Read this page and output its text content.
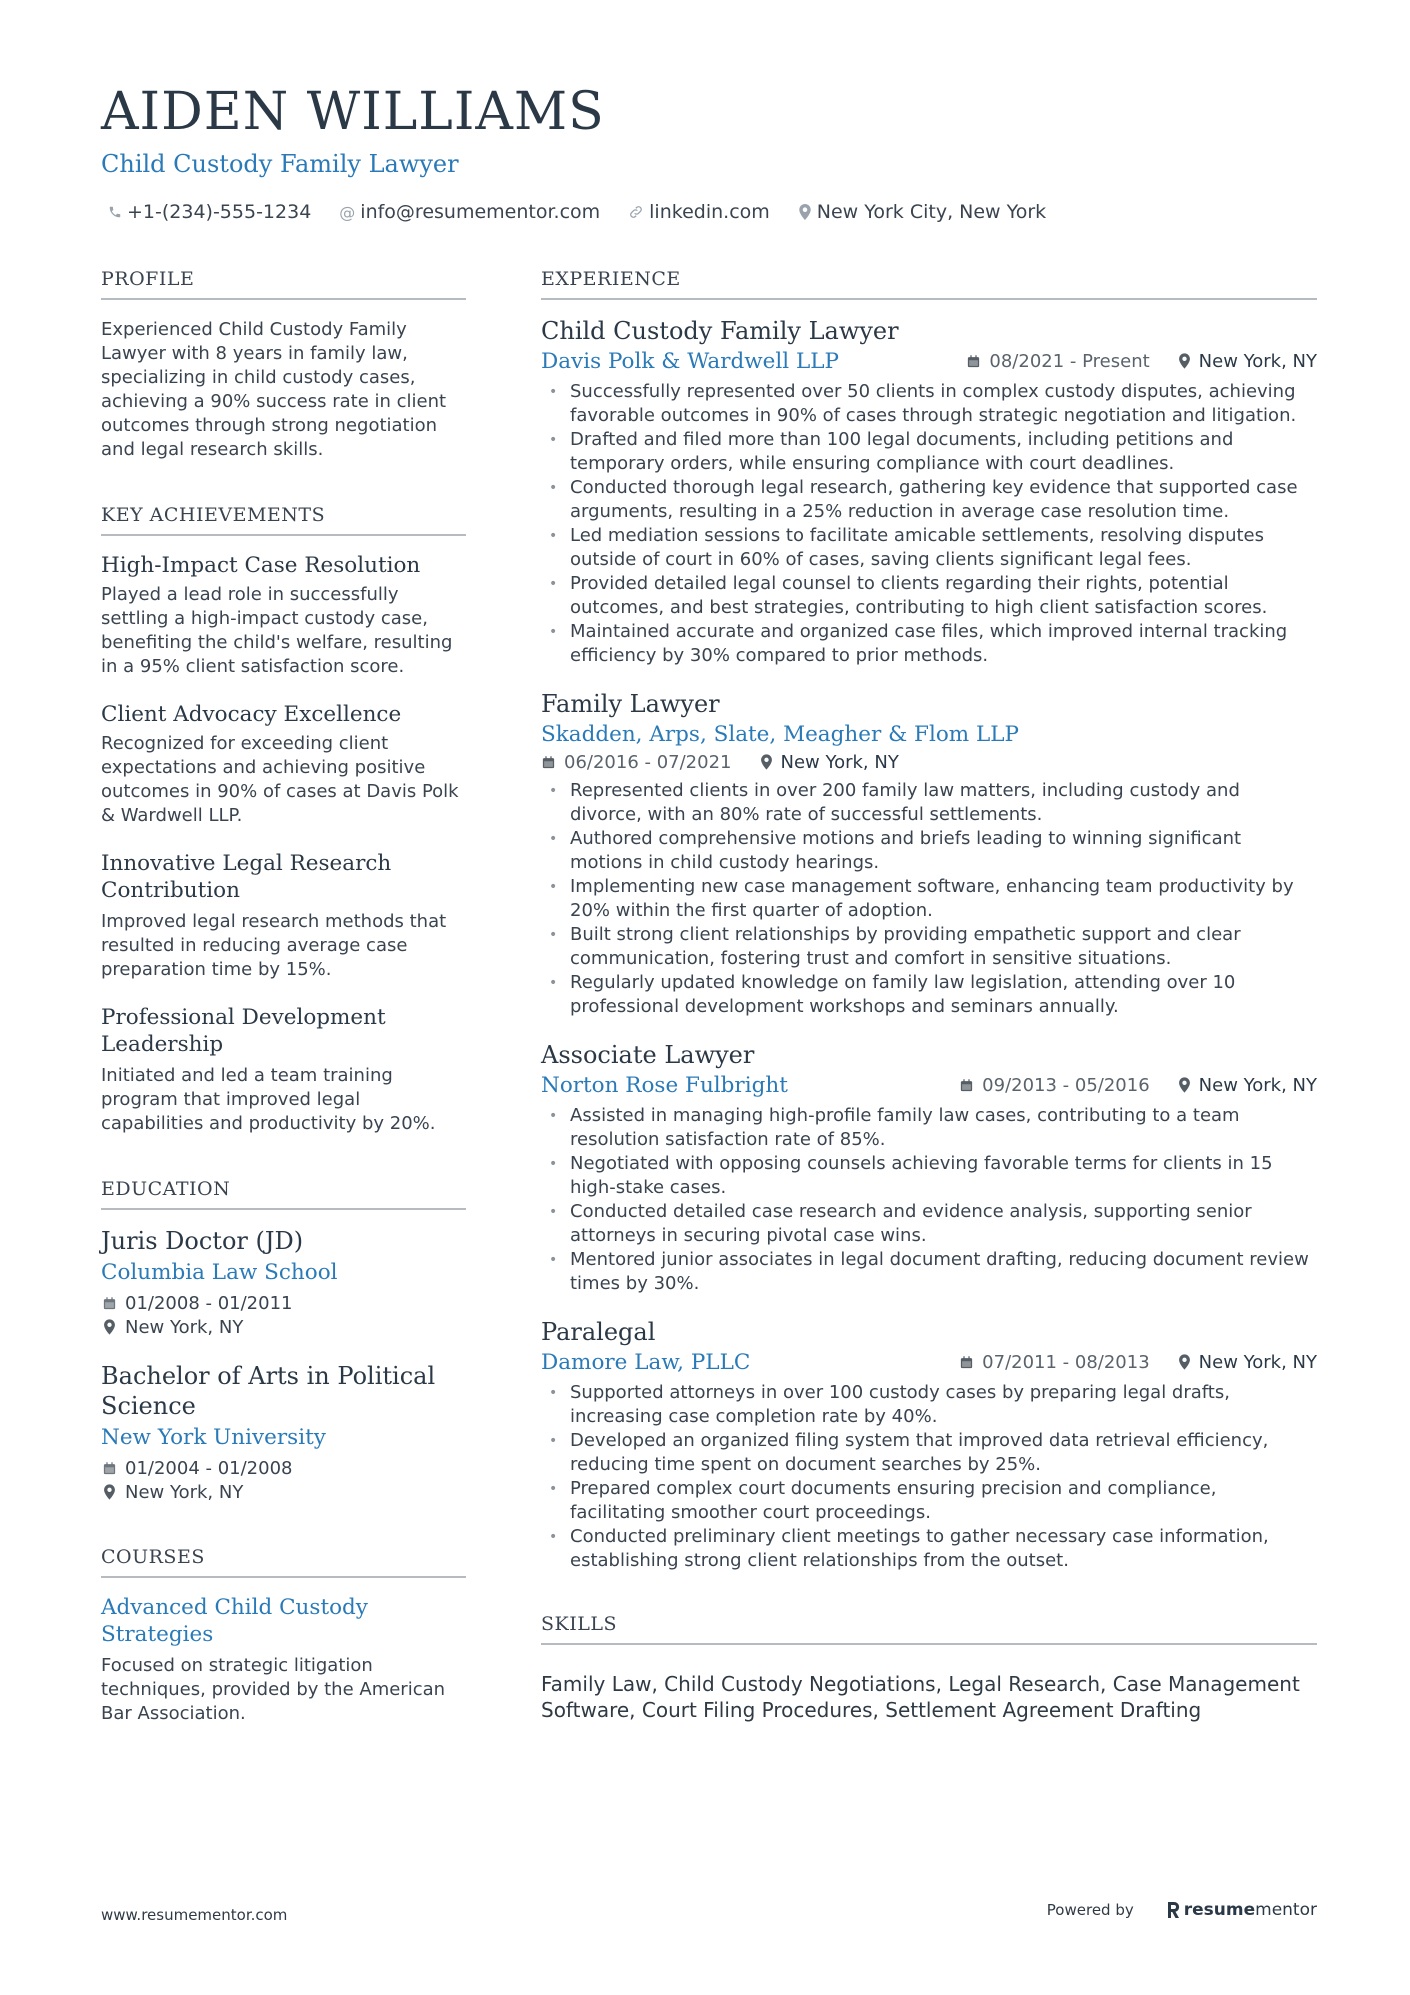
AIDEN WILLIAMS
Child Custody Family Lawyer
+1-(234)-555-1234 @ info@resumementor.com	linkedin.com New York City, New York
PROFILE

Experienced Child Custody Family Lawyer with 8 years in family law, specializing in child custody cases, achieving a 90% success rate in client outcomes through strong negotiation and legal research skills.

KEY ACHIEVEMENTS
High-Impact Case Resolution

Played a lead role in successfully settling a high-impact custody case, benefiting the child's welfare, resulting in a 95% client satisfaction score.

Client Advocacy Excellence

Recognized for exceeding client expectations and achieving positive outcomes in 90% of cases at Davis Polk & Wardwell LLP.

Innovative Legal Research Contribution

Improved legal research methods that resulted in reducing average case preparation time by 15%.

Professional Development Leadership

Initiated and led a team training program that improved legal capabilities and productivity by 20%.

EDUCATION
Juris Doctor (JD)
Columbia Law School
01/2008 - 01/2011
New York, NY
Bachelor of Arts in Political Science
New York University
01/2004 - 01/2008
New York, NY
COURSES
Advanced Child Custody Strategies

Focused on strategic litigation techniques, provided by the American Bar Association.

EXPERIENCE
Child Custody Family Lawyer
Davis Polk & Wardwell LLP	08/2021 - Present	New York, NY
• Successfully represented over 50 clients in complex custody disputes, achieving favorable outcomes in 90% of cases through strategic negotiation and litigation.
• Drafted and filed more than 100 legal documents, including petitions and temporary orders, while ensuring compliance with court deadlines.
• Conducted thorough legal research, gathering key evidence that supported case arguments, resulting in a 25% reduction in average case resolution time.
• Led mediation sessions to facilitate amicable settlements, resolving disputes outside of court in 60% of cases, saving clients significant legal fees.
• Provided detailed legal counsel to clients regarding their rights, potential outcomes, and best strategies, contributing to high client satisfaction scores.
• Maintained accurate and organized case files, which improved internal tracking efficiency by 30% compared to prior methods.
Family Lawyer
Skadden, Arps, Slate, Meagher & Flom LLP
06/2016 - 07/2021	New York, NY
• Represented clients in over 200 family law matters, including custody and divorce, with an 80% rate of successful settlements.
• Authored comprehensive motions and briefs leading to winning significant motions in child custody hearings.
• Implementing new case management software, enhancing team productivity by 20% within the first quarter of adoption.
• Built strong client relationships by providing empathetic support and clear communication, fostering trust and comfort in sensitive situations.
• Regularly updated knowledge on family law legislation, attending over 10 professional development workshops and seminars annually.
Associate Lawyer
Norton Rose Fulbright	09/2013 - 05/2016	New York, NY
• Assisted in managing high-profile family law cases, contributing to a team resolution satisfaction rate of 85%.
• Negotiated with opposing counsels achieving favorable terms for clients in 15 high-stake cases.
• Conducted detailed case research and evidence analysis, supporting senior attorneys in securing pivotal case wins.
• Mentored junior associates in legal document drafting, reducing document review times by 30%.
Paralegal
Damore Law, PLLC	07/2011 - 08/2013	New York, NY
• Supported attorneys in over 100 custody cases by preparing legal drafts, increasing case completion rate by 40%.
• Developed an organized filing system that improved data retrieval efficiency, reducing time spent on document searches by 25%.
• Prepared complex court documents ensuring precision and compliance, facilitating smoother court proceedings.
• Conducted preliminary client meetings to gather necessary case information, establishing strong client relationships from the outset.
SKILLS

Family Law, Child Custody Negotiations, Legal Research, Case Management Software, Court Filing Procedures, Settlement Agreement Drafting

www.resumementor.com	Powered by	resume mentor
